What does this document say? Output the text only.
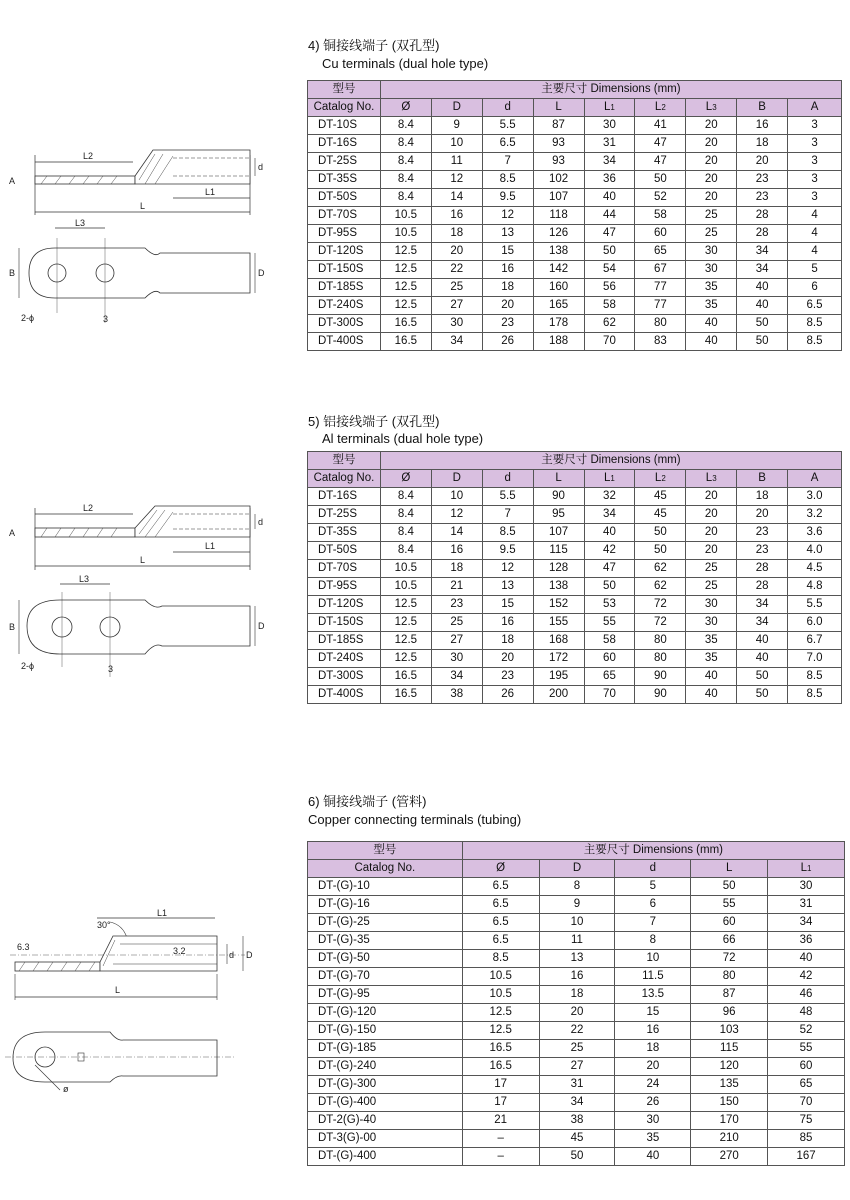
4) 铜接线端子 (双孔型)
Cu terminals (dual hole type)
型号	主要尺寸 Dimensions (mm)								
Catalog No.	Ø	D	d	L	L1	L2	L3	B	A
DT-10S	8.4	9	5.5	87	30	41	20	16	3
DT-16S	8.4	10	6.5	93	31	47	20	18	3
DT-25S	8.4	11	7	93	34	47	20	20	3
DT-35S	8.4	12	8.5	102	36	50	20	23	3
DT-50S	8.4	14	9.5	107	40	52	20	23	3
DT-70S	10.5	16	12	118	44	58	25	28	4
DT-95S	10.5	18	13	126	47	60	25	28	4
DT-120S	12.5	20	15	138	50	65	30	34	4
DT-150S	12.5	22	16	142	54	67	30	34	5
DT-185S	12.5	25	18	160	56	77	35	40	6
DT-240S	12.5	27	20	165	58	77	35	40	6.5
DT-300S	16.5	30	23	178	62	80	40	50	8.5
DT-400S	16.5	34	26	188	70	83	40	50	8.5
L
L2
L1
d
A
L3
D
B
2-ϕ	3
5) 铝接线端子 (双孔型)
Al terminals (dual hole type)
型号	主要尺寸 Dimensions (mm)								
Catalog No.	Ø	D	d	L	L1	L2	L3	B	A
DT-16S	8.4	10	5.5	90	32	45	20	18	3.0
DT-25S	8.4	12	7	95	34	45	20	20	3.2
DT-35S	8.4	14	8.5	107	40	50	20	23	3.6
DT-50S	8.4	16	9.5	115	42	50	20	23	4.0
DT-70S	10.5	18	12	128	47	62	25	28	4.5
DT-95S	10.5	21	13	138	50	62	25	28	4.8
DT-120S	12.5	23	15	152	53	72	30	34	5.5
DT-150S	12.5	25	16	155	55	72	30	34	6.0
DT-185S	12.5	27	18	168	58	80	35	40	6.7
DT-240S	12.5	30	20	172	60	80	35	40	7.0
DT-300S	16.5	34	23	195	65	90	40	50	8.5
DT-400S	16.5	38	26	200	70	90	40	50	8.5
L
L2
L1
d
A
L3
D
B
2-ϕ	3
6) 铜接线端子 (管料)
Copper connecting terminals (tubing)
型号	主要尺寸 Dimensions (mm)				
Catalog No.	Ø	D	d	L	L1
DT-(G)-10	6.5	8	5	50	30
DT-(G)-16	6.5	9	6	55	31
DT-(G)-25	6.5	10	7	60	34
DT-(G)-35	6.5	11	8	66	36
DT-(G)-50	8.5	13	10	72	40
DT-(G)-70	10.5	16	11.5	80	42
DT-(G)-95	10.5	18	13.5	87	46
DT-(G)-120	12.5	20	15	96	48
DT-(G)-150	12.5	22	16	103	52
DT-(G)-185	16.5	25	18	115	55
DT-(G)-240	16.5	27	20	120	60
DT-(G)-300	17	31	24	135	65
DT-(G)-400	17	34	26	150	70
DT-2(G)-40	21	38	30	170	75
DT-3(G)-00	–	45	35	210	85
DT-(G)-400	–	50	40	270	167
L1
30°
6.3	3.2	d D
L
ø
